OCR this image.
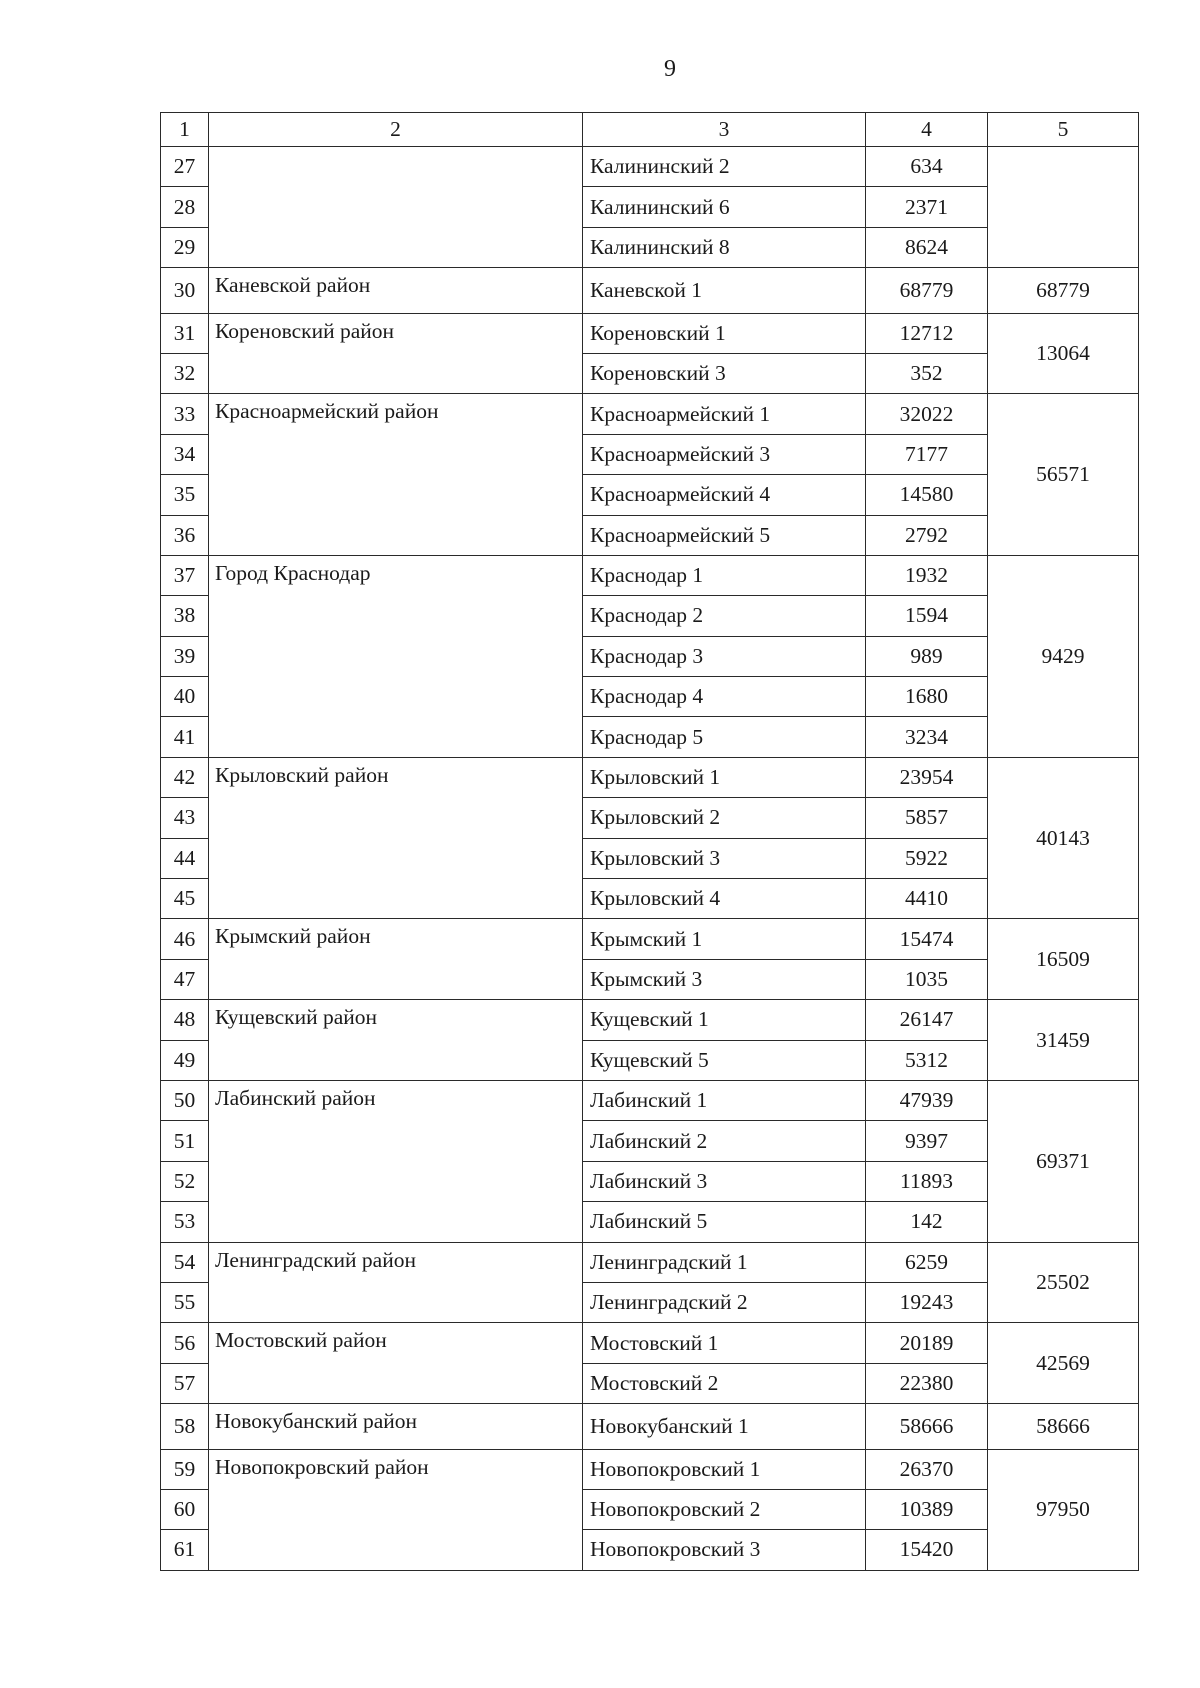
9
1	2	3	4	5
27		Калининский 2	634	
28		Калининский 6	2371	
29		Калининский 8	8624	
30	Каневской район	Каневской 1	68779	68779
31	Кореновский район	Кореновский 1	12712	13064
32		Кореновский 3	352	
33	Красноармейский район	Красноармейский 1	32022	56571
34		Красноармейский 3	7177	
35		Красноармейский 4	14580	
36		Красноармейский 5	2792	
37	Город Краснодар	Краснодар 1	1932	9429
38		Краснодар 2	1594	
39		Краснодар 3	989	
40		Краснодар 4	1680	
41		Краснодар 5	3234	
42	Крыловский район	Крыловский 1	23954	40143
43		Крыловский 2	5857	
44		Крыловский 3	5922	
45		Крыловский 4	4410	
46	Крымский район	Крымский 1	15474	16509
47		Крымский 3	1035	
48	Кущевский район	Кущевский 1	26147	31459
49		Кущевский 5	5312	
50	Лабинский район	Лабинский 1	47939	69371
51		Лабинский 2	9397	
52		Лабинский 3	11893	
53		Лабинский 5	142	
54	Ленинградский район	Ленинградский 1	6259	25502
55		Ленинградский 2	19243	
56	Мостовский район	Мостовский 1	20189	42569
57		Мостовский 2	22380	
58	Новокубанский район	Новокубанский 1	58666	58666
59	Новопокровский район	Новопокровский 1	26370	97950
60		Новопокровский 2	10389	
61		Новопокровский 3	15420	
